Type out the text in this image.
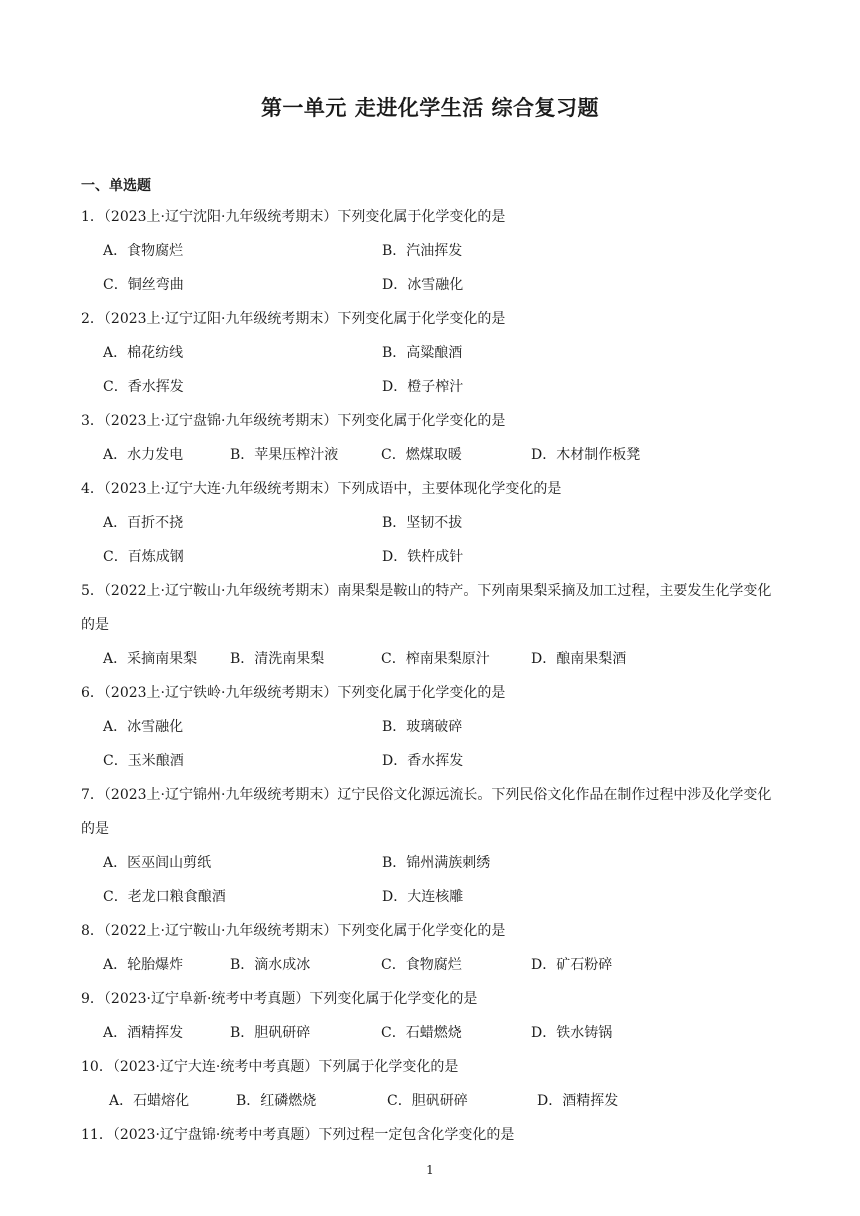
第一单元 走进化学生活 综合复习题
一、单选题
1．（2023上·辽宁沈阳·九年级统考期末）下列变化属于化学变化的是
A．食物腐烂	B．汽油挥发
C．铜丝弯曲	D．冰雪融化
2．（2023上·辽宁辽阳·九年级统考期末）下列变化属于化学变化的是
A．棉花纺线	B．高粱酿酒
C．香水挥发	D．橙子榨汁
3．（2023上·辽宁盘锦·九年级统考期末）下列变化属于化学变化的是
A．水力发电	B．苹果压榨汁液	C．燃煤取暖	D．木材制作板凳
4．（2023上·辽宁大连·九年级统考期末）下列成语中，主要体现化学变化的是
A．百折不挠	B．坚韧不拔
C．百炼成钢	D．铁杵成针
5．（2022上·辽宁鞍山·九年级统考期末）南果梨是鞍山的特产。下列南果梨采摘及加工过程，主要发生化学变化的是
A．采摘南果梨	B．清洗南果梨	C．榨南果梨原汁	D．酿南果梨酒
6．（2023上·辽宁铁岭·九年级统考期末）下列变化属于化学变化的是
A．冰雪融化	B．玻璃破碎
C．玉米酿酒	D．香水挥发
7．（2023上·辽宁锦州·九年级统考期末）辽宁民俗文化源远流长。下列民俗文化作品在制作过程中涉及化学变化的是
A．医巫闾山剪纸	B．锦州满族刺绣
C．老龙口粮食酿酒	D．大连核雕
8．（2022上·辽宁鞍山·九年级统考期末）下列变化属于化学变化的是
A．轮胎爆炸	B．滴水成冰	C．食物腐烂	D．矿石粉碎
9．（2023·辽宁阜新·统考中考真题）下列变化属于化学变化的是
A．酒精挥发	B．胆矾研碎	C．石蜡燃烧	D．铁水铸锅
10．（2023·辽宁大连·统考中考真题）下列属于化学变化的是
A．石蜡熔化	B．红磷燃烧	C．胆矾研碎	D．酒精挥发
11．（2023·辽宁盘锦·统考中考真题）下列过程一定包含化学变化的是
1
